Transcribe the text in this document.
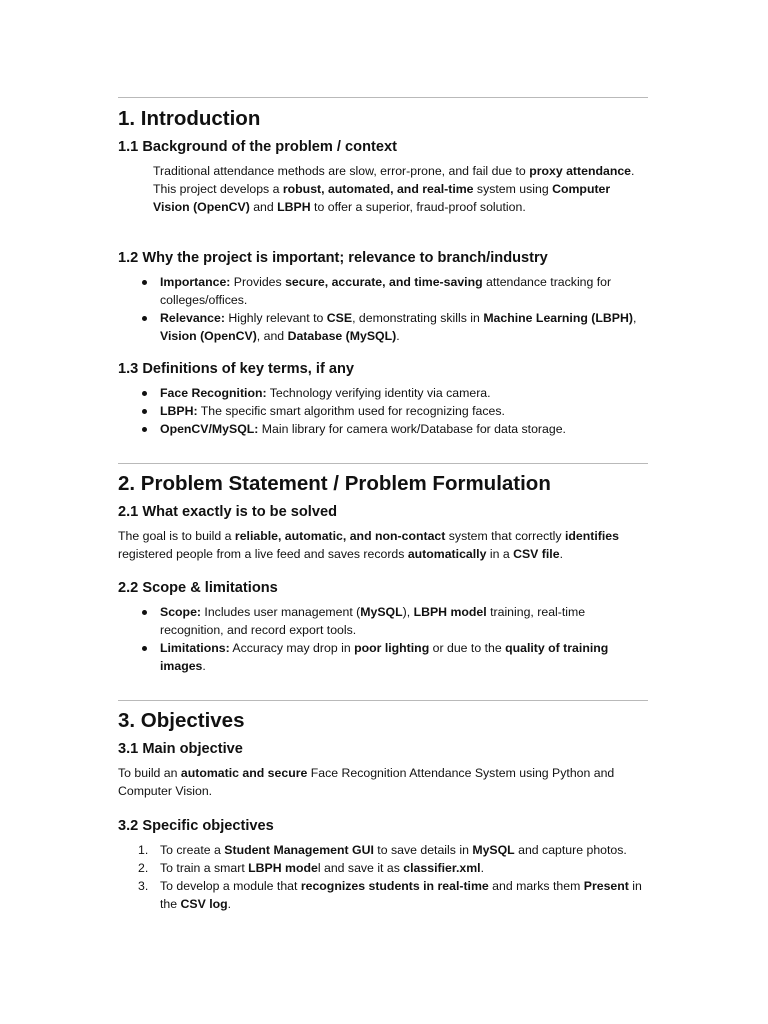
1. Introduction
1.1 Background of the problem / context
Traditional attendance methods are slow, error-prone, and fail due to proxy attendance. This project develops a robust, automated, and real-time system using Computer Vision (OpenCV) and LBPH to offer a superior, fraud-proof solution.
1.2 Why the project is important; relevance to branch/industry
Importance: Provides secure, accurate, and time-saving attendance tracking for colleges/offices.
Relevance: Highly relevant to CSE, demonstrating skills in Machine Learning (LBPH), Vision (OpenCV), and Database (MySQL).
1.3 Definitions of key terms, if any
Face Recognition: Technology verifying identity via camera.
LBPH: The specific smart algorithm used for recognizing faces.
OpenCV/MySQL: Main library for camera work/Database for data storage.
2. Problem Statement / Problem Formulation
2.1 What exactly is to be solved
The goal is to build a reliable, automatic, and non-contact system that correctly identifies registered people from a live feed and saves records automatically in a CSV file.
2.2 Scope & limitations
Scope: Includes user management (MySQL), LBPH model training, real-time recognition, and record export tools.
Limitations: Accuracy may drop in poor lighting or due to the quality of training images.
3. Objectives
3.1 Main objective
To build an automatic and secure Face Recognition Attendance System using Python and Computer Vision.
3.2 Specific objectives
1. To create a Student Management GUI to save details in MySQL and capture photos.
2. To train a smart LBPH model and save it as classifier.xml.
3. To develop a module that recognizes students in real-time and marks them Present in the CSV log.
